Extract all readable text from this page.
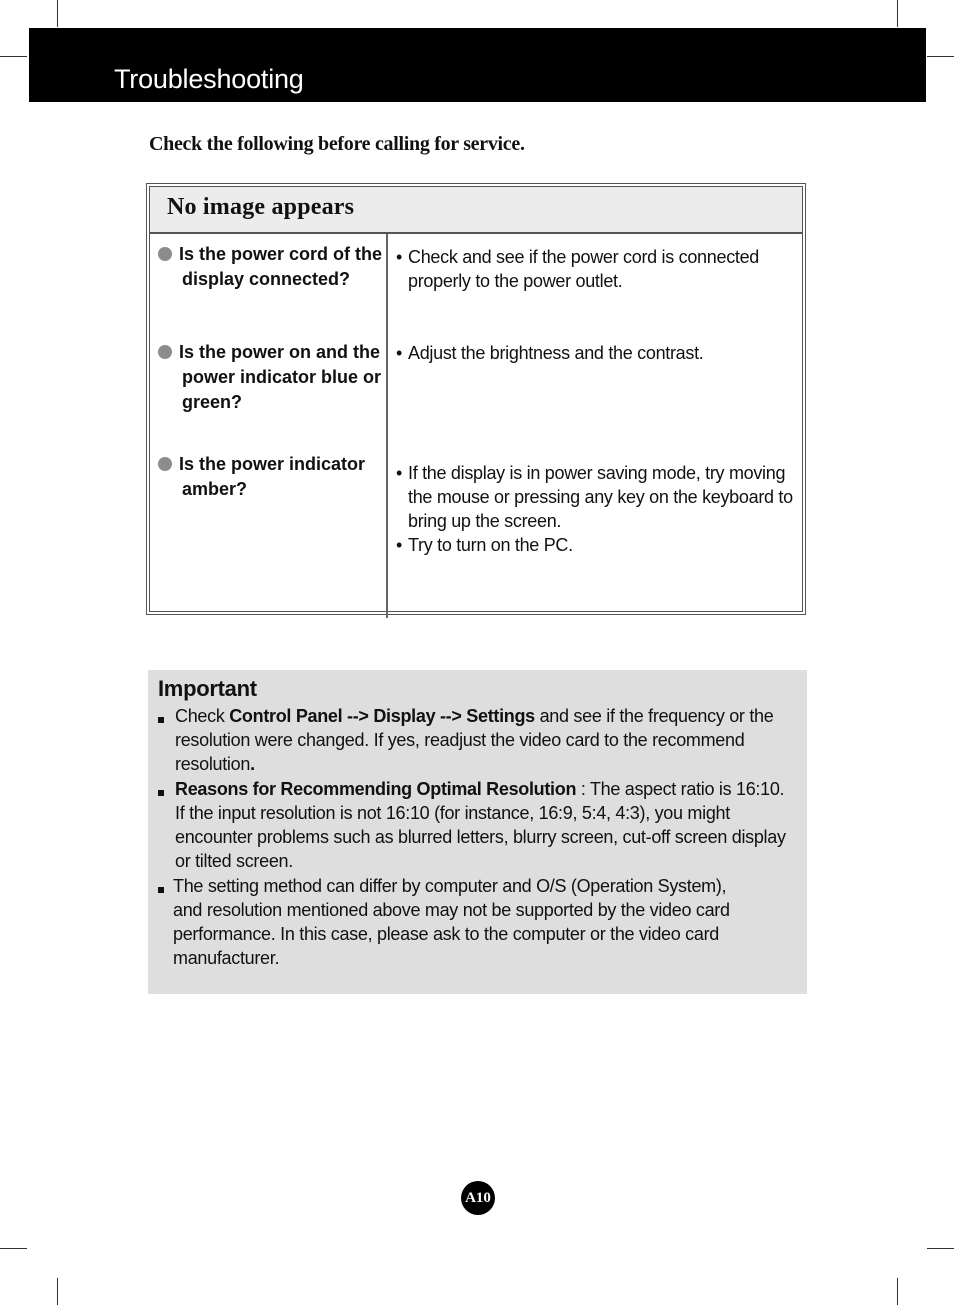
Troubleshooting
Check the following before calling for service.
No image appears
Is the power cord of the
display connected?
• Check and see if the power cord is connected properly to the power outlet.
Is the power on and the
power indicator blue or green?
• Adjust the brightness and the contrast.
Is the power indicator
amber?
• If the display is in power saving mode, try moving the mouse or pressing any key on the keyboard to bring up the screen.
• Try to turn on the PC.
Important
Check Control Panel --> Display --> Settings and see if the frequency or the resolution were changed. If yes, readjust the video card to the recommend resolution.
Reasons for Recommending Optimal Resolution : The aspect ratio is 16:10.
If the input resolution is not 16:10 (for instance, 16:9, 5:4, 4:3), you might encounter problems such as blurred letters, blurry screen, cut-off screen display or tilted screen.
The setting method can differ by computer and O/S (Operation System), and resolution mentioned above may not be supported by the video card performance. In this case, please ask to the computer or the video card manufacturer.
A10
